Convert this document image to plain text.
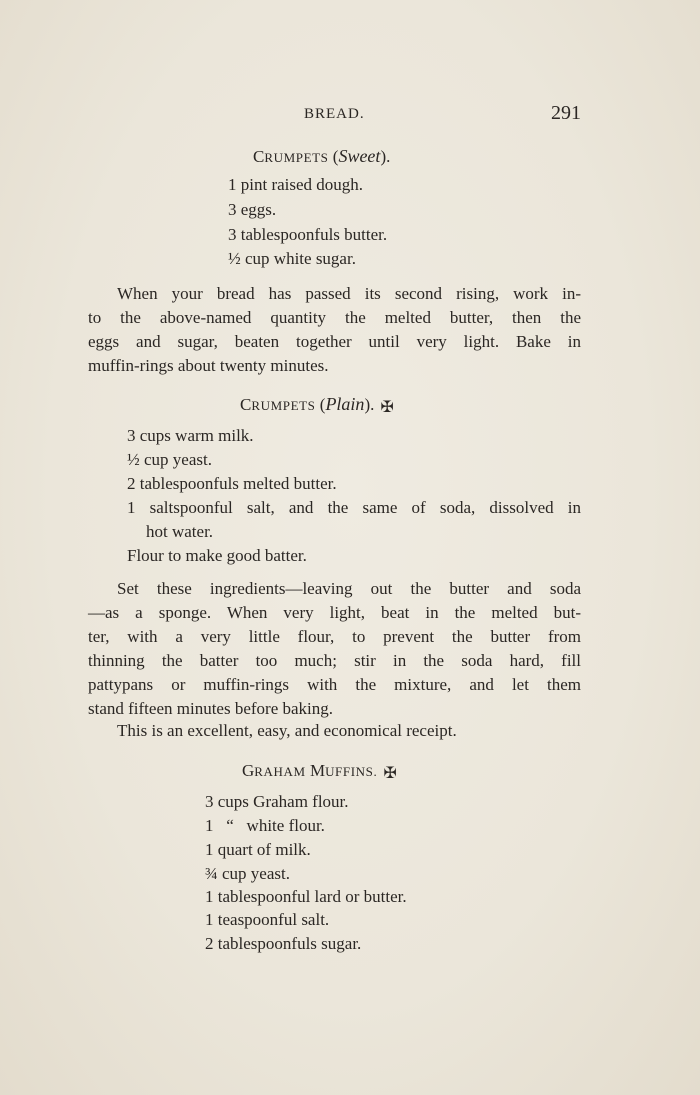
BREAD.	291
CRUMPETS (Sweet).
1 pint raised dough.
3 eggs.
3 tablespoonfuls butter.
½ cup white sugar.
When your bread has passed its second rising, work in-
to the above-named quantity the melted butter, then the
eggs and sugar, beaten together until very light. Bake in
muffin-rings about twenty minutes.
CRUMPETS (Plain). ✠
3 cups warm milk.
½ cup yeast.
2 tablespoonfuls melted butter.
1 saltspoonful salt, and the same of soda, dissolved in
hot water.
Flour to make good batter.
Set these ingredients—leaving out the butter and soda
—as a sponge. When very light, beat in the melted but-
ter, with a very little flour, to prevent the butter from
thinning the batter too much; stir in the soda hard, fill
pattypans or muffin-rings with the mixture, and let them
stand fifteen minutes before baking.
This is an excellent, easy, and economical receipt.
GRAHAM MUFFINS. ✠
3 cups Graham flour.
1   “   white flour.
1 quart of milk.
¾ cup yeast.
1 tablespoonful lard or butter.
1 teaspoonful salt.
2 tablespoonfuls sugar.
